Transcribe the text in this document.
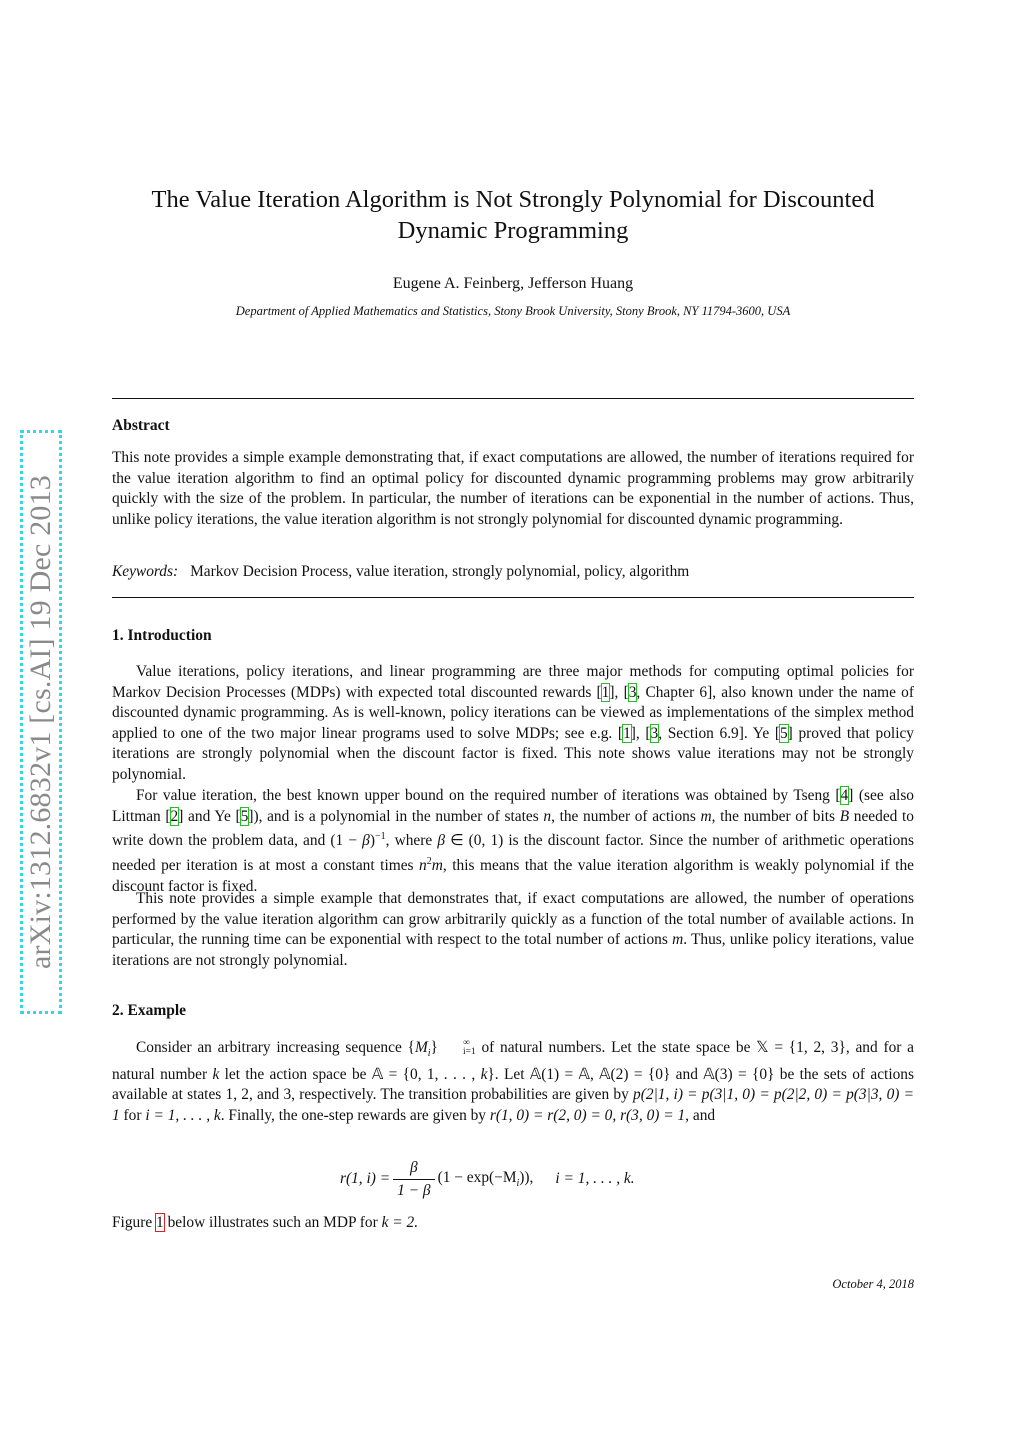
arXiv:1312.6832v1 [cs.AI] 19 Dec 2013
The Value Iteration Algorithm is Not Strongly Polynomial for Discounted
Dynamic Programming
Eugene A. Feinberg, Jefferson Huang
Department of Applied Mathematics and Statistics, Stony Brook University, Stony Brook, NY 11794-3600, USA
Abstract
This note provides a simple example demonstrating that, if exact computations are allowed, the number of iterations required for the value iteration algorithm to find an optimal policy for discounted dynamic programming problems may grow arbitrarily quickly with the size of the problem. In particular, the number of iterations can be exponential in the number of actions. Thus, unlike policy iterations, the value iteration algorithm is not strongly polynomial for discounted dynamic programming.
Keywords: Markov Decision Process, value iteration, strongly polynomial, policy, algorithm
1. Introduction
Value iterations, policy iterations, and linear programming are three major methods for computing optimal policies for Markov Decision Processes (MDPs) with expected total discounted rewards [1], [3, Chapter 6], also known under the name of discounted dynamic programming. As is well-known, policy iterations can be viewed as implementations of the simplex method applied to one of the two major linear programs used to solve MDPs; see e.g. [1], [3, Section 6.9]. Ye [5] proved that policy iterations are strongly polynomial when the discount factor is fixed. This note shows value iterations may not be strongly polynomial.
For value iteration, the best known upper bound on the required number of iterations was obtained by Tseng [4] (see also Littman [2] and Ye [5]), and is a polynomial in the number of states n, the number of actions m, the number of bits B needed to write down the problem data, and $(1 - \beta)^{-1}$, where β ∈ (0, 1) is the discount factor. Since the number of arithmetic operations needed per iteration is at most a constant times $n^2m$, this means that the value iteration algorithm is weakly polynomial if the discount factor is fixed.
This note provides a simple example that demonstrates that, if exact computations are allowed, the number of operations performed by the value iteration algorithm can grow arbitrarily quickly as a function of the total number of available actions. In particular, the running time can be exponential with respect to the total number of actions m. Thus, unlike policy iterations, value iterations are not strongly polynomial.
2. Example
Consider an arbitrary increasing sequence $\{M_i\}$	∞
i=1 of natural numbers. Let the state space be 𝕏 = {1, 2, 3}, and for a natural number k let the action space be 𝔸 = {0, 1, . . . , k}. Let 𝔸(1) = 𝔸, 𝔸(2) = {0} and 𝔸(3) = {0} be the sets of actions available at states 1, 2, and 3, respectively. The transition probabilities are given by p(2|1, i) = p(3|1, 0) = p(2|2, 0) = p(3|3, 0) = 1 for i = 1, . . . , k. Finally, the one-step rewards are given by r(1, 0) = r(2, 0) = 0, r(3, 0) = 1, and
r(1, $i) = \frac{\beta}{1 - \beta} (1 - \exp(-M_i))$, i = 1, . . . , k.
Figure 1 below illustrates such an MDP for k = 2.
October 4, 2018
